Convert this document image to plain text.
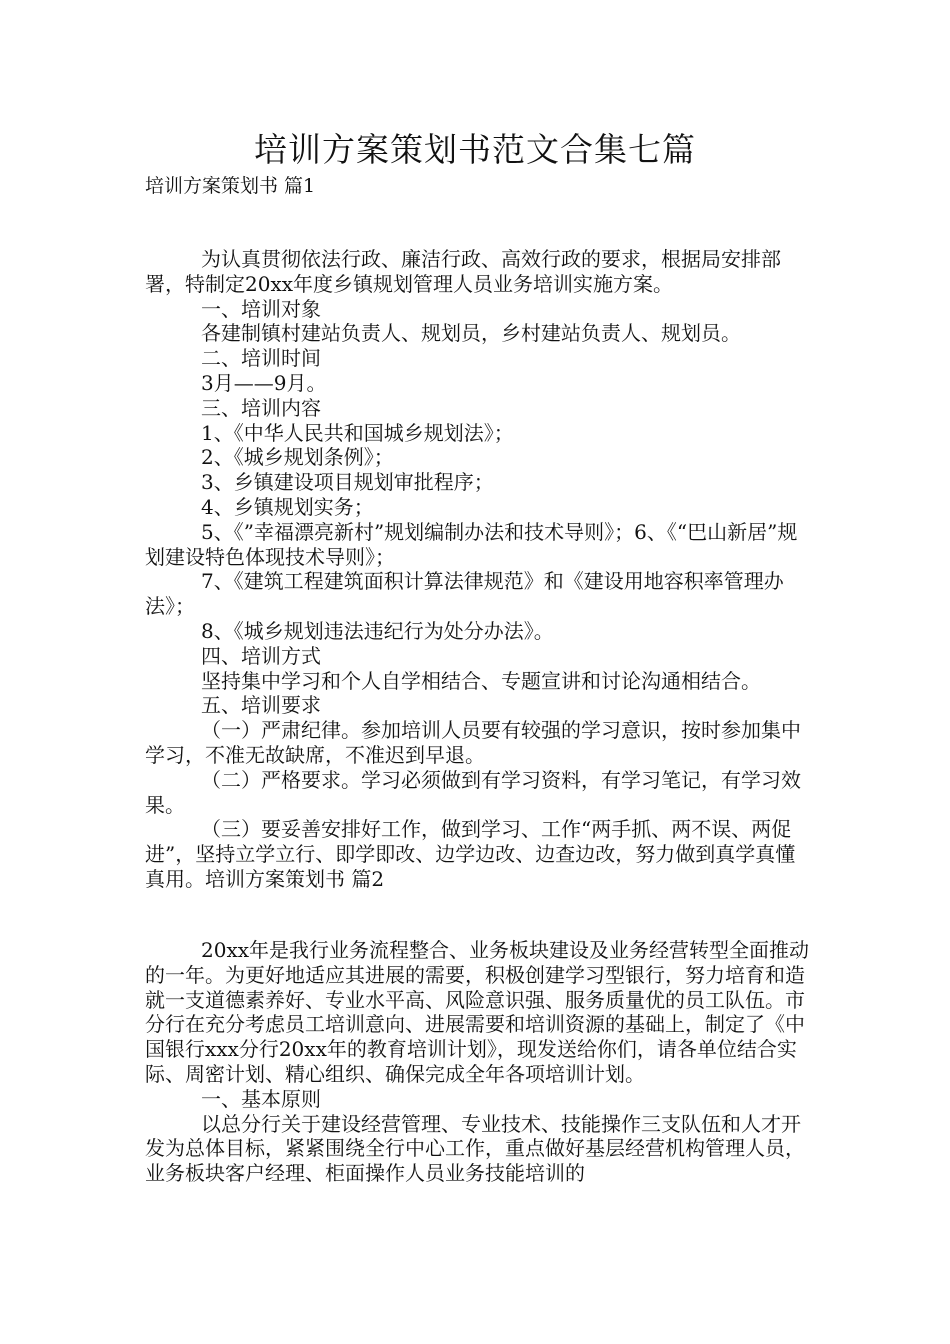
培训方案策划书范文合集七篇
培训方案策划书 篇1

为认真贯彻依法行政、廉洁行政、高效行政的要求，根据局安排部署，特制定20xx年度乡镇规划管理人员业务培训实施方案。

一、培训对象

各建制镇村建站负责人、规划员，乡村建站负责人、规划员。

二、培训时间

3月——9月。

三、培训内容

1、《中华人民共和国城乡规划法》；

2、《城乡规划条例》；

3、乡镇建设项目规划审批程序；

4、乡镇规划实务；

5、《”幸福漂亮新村”规划编制办法和技术导则》；6、《“巴山新居”规划建设特色体现技术导则》；

7、《建筑工程建筑面积计算法律规范》和《建设用地容积率管理办法》；

8、《城乡规划违法违纪行为处分办法》。

四、培训方式

坚持集中学习和个人自学相结合、专题宣讲和讨论沟通相结合。

五、培训要求

（一）严肃纪律。参加培训人员要有较强的学习意识，按时参加集中学习，不准无故缺席，不准迟到早退。

（二）严格要求。学习必须做到有学习资料，有学习笔记，有学习效果。

（三）要妥善安排好工作，做到学习、工作“两手抓、两不误、两促进”，坚持立学立行、即学即改、边学边改、边查边改，努力做到真学真懂真用。培训方案策划书 篇2

20xx年是我行业务流程整合、业务板块建设及业务经营转型全面推动的一年。为更好地适应其进展的需要，积极创建学习型银行，努力培育和造就一支道德素养好、专业水平高、风险意识强、服务质量优的员工队伍。市分行在充分考虑员工培训意向、进展需要和培训资源的基础上，制定了《中国银行xxx分行20xx年的教育培训计划》，现发送给你们，请各单位结合实际、周密计划、精心组织、确保完成全年各项培训计划。

一、基本原则

以总分行关于建设经营管理、专业技术、技能操作三支队伍和人才开发为总体目标，紧紧围绕全行中心工作，重点做好基层经营机构管理人员，业务板块客户经理、柜面操作人员业务技能培训的
